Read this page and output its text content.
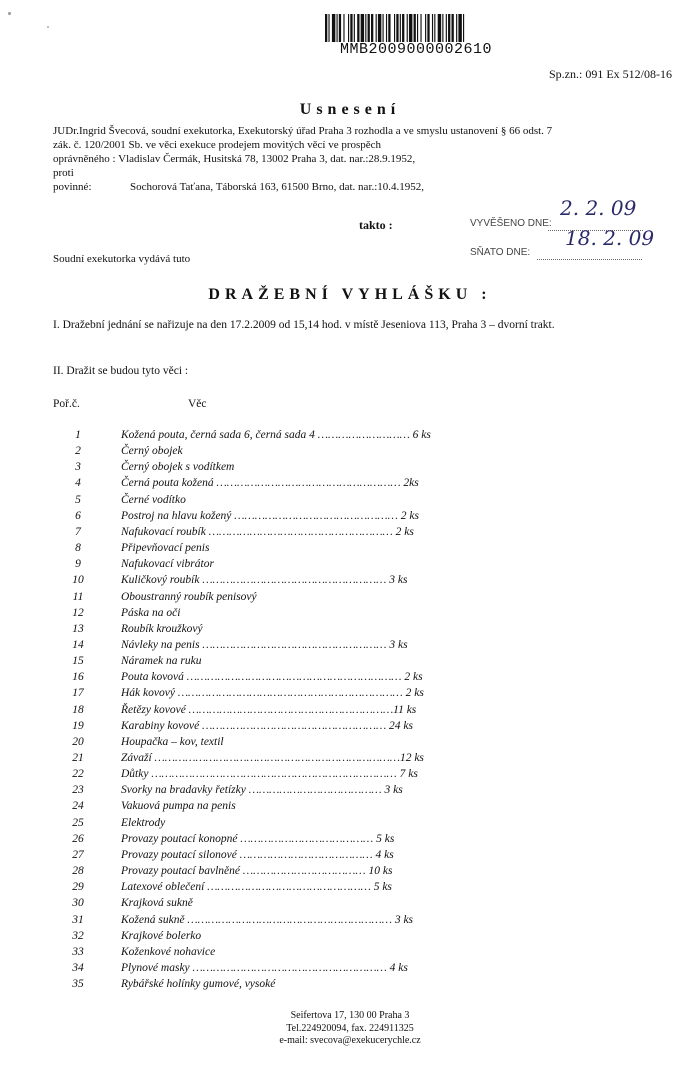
MMB2009000002610
Sp.zn.: 091 Ex 512/08-16
Usnesení
JUDr.Ingrid Švecová, soudní exekutorka, Exekutorský úřad Praha 3 rozhodla a ve smyslu ustanovení § 66 odst. 7
zák. č. 120/2001 Sb. ve věci exekuce prodejem movitých věcí ve prospěch
oprávněného : Vladislav Čermák, Husitská 78, 13002 Praha 3, dat. nar.:28.9.1952,
proti
povinné:	Sochorová Taťana, Táborská 163, 61500 Brno, dat. nar.:10.4.1952,
takto :	VYVĚŠENO DNE:
2. 2. 09
SŇATO DNE:
18. 2. 09
Soudní exekutorka vydává tuto
DRAŽEBNÍ VYHLÁŠKU :
I. Dražební jednání se nařizuje na den 17.2.2009 od 15,14 hod. v místě Jeseniova 113, Praha 3 – dvorní trakt.
II. Dražit se budou tyto věci :
Poř.č.	Věc
1	Kožená pouta, černá sada 6, černá sada 4 ……………………… 6 ks
2	Černý obojek
3	Černý obojek s vodítkem
4	Černá pouta kožená ……………………………………………… 2ks
5	Černé vodítko
6	Postroj na hlavu kožený ………………………………………… 2 ks
7	Nafukovací roubík ……………………………………………… 2 ks
8	Připevňovací penis
9	Nafukovací vibrátor
10	Kuličkový roubík ……………………………………………… 3 ks
11	Oboustranný roubík penisový
12	Páska na oči
13	Roubík kroužkový
14	Návleky na penis ……………………………………………… 3 ks
15	Náramek na ruku
16	Pouta kovová ……………………………………………………… 2 ks
17	Hák kovový ………………………………………………………… 2 ks
18	Řetězy kovové ……………………………………………………11 ks
19	Karabiny kovové ……………………………………………… 24 ks
20	Houpačka – kov, textil
21	Závaží ………………………………………………………………12 ks
22	Důtky ……………………………………………………………… 7 ks
23	Svorky na bradavky řetízky ………………………………… 3 ks
24	Vakuová pumpa na penis
25	Elektrody
26	Provazy poutací konopné ………………………………… 5 ks
27	Provazy poutací silonové ………………………………… 4 ks
28	Provazy poutací bavlněné ……………………………… 10 ks
29	Latexové oblečení ………………………………………… 5 ks
30	Krajková sukně
31	Kožená sukně …………………………………………………… 3 ks
32	Krajkové bolerko
33	Koženkové nohavice
34	Plynové masky ………………………………………………… 4 ks
35	Rybářské holínky gumové, vysoké
Seifertova 17, 130 00 Praha 3
Tel.224920094, fax. 224911325
e-mail: svecova@exekucerychle.cz
